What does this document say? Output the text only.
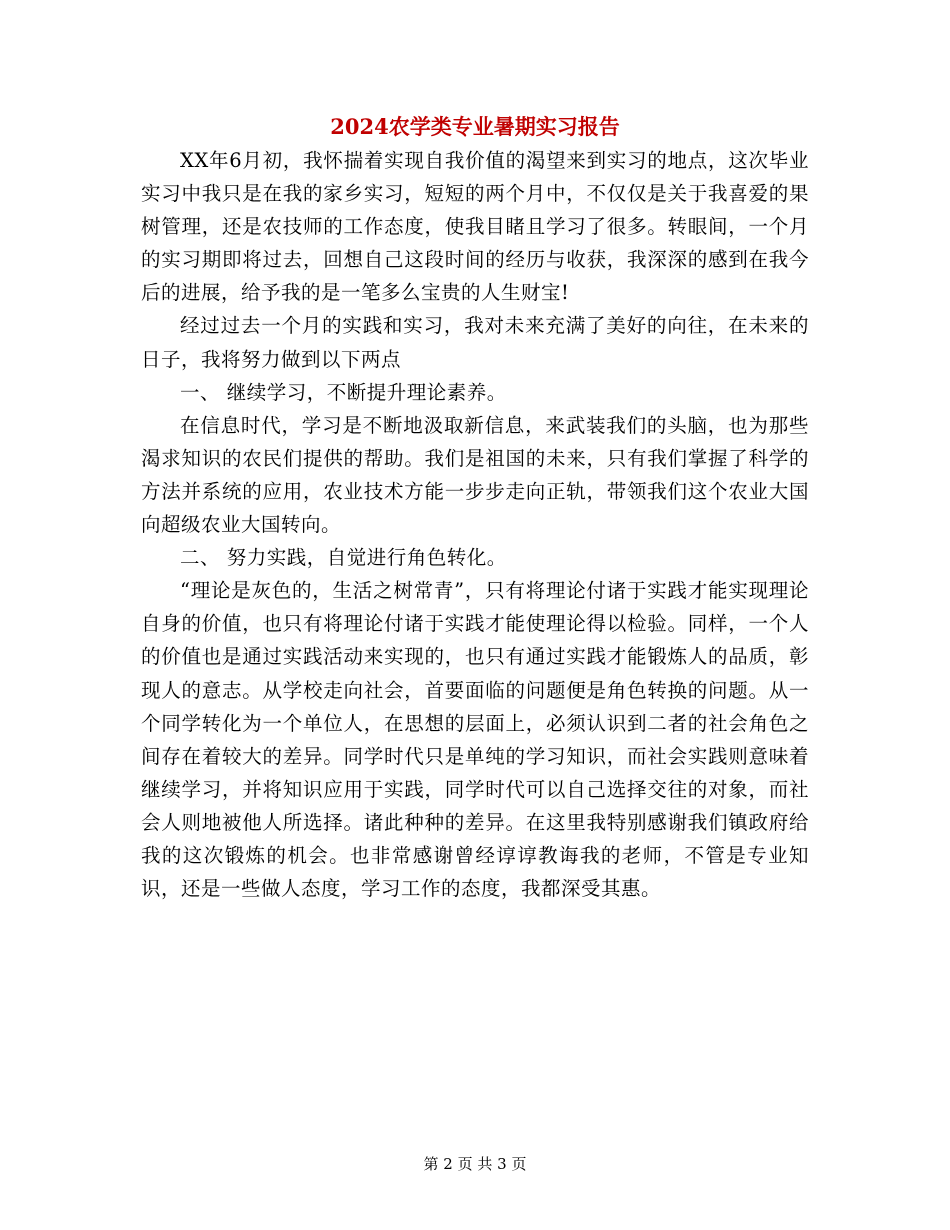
2024农学类专业暑期实习报告

XX年6月初，我怀揣着实现自我价值的渴望来到实习的地点，这次毕业实习中我只是在我的家乡实习，短短的两个月中，不仅仅是关于我喜爱的果树管理，还是农技师的工作态度，使我目睹且学习了很多。转眼间，一个月的实习期即将过去，回想自己这段时间的经历与收获，我深深的感到在我今后的进展，给予我的是一笔多么宝贵的人生财宝!

经过过去一个月的实践和实习，我对未来充满了美好的向往，在未来的日子，我将努力做到以下两点

一、 继续学习，不断提升理论素养。

在信息时代，学习是不断地汲取新信息，来武装我们的头脑，也为那些渴求知识的农民们提供的帮助。我们是祖国的未来，只有我们掌握了科学的方法并系统的应用，农业技术方能一步步走向正轨，带领我们这个农业大国向超级农业大国转向。

二、 努力实践，自觉进行角色转化。

“理论是灰色的，生活之树常青”，只有将理论付诸于实践才能实现理论自身的价值，也只有将理论付诸于实践才能使理论得以检验。同样，一个人的价值也是通过实践活动来实现的，也只有通过实践才能锻炼人的品质，彰现人的意志。从学校走向社会，首要面临的问题便是角色转换的问题。从一个同学转化为一个单位人，在思想的层面上，必须认识到二者的社会角色之间存在着较大的差异。同学时代只是单纯的学习知识，而社会实践则意味着继续学习，并将知识应用于实践，同学时代可以自己选择交往的对象，而社会人则地被他人所选择。诸此种种的差异。在这里我特别感谢我们镇政府给我的这次锻炼的机会。也非常感谢曾经谆谆教诲我的老师，不管是专业知识，还是一些做人态度，学习工作的态度，我都深受其惠。

第 2 页 共 3 页
